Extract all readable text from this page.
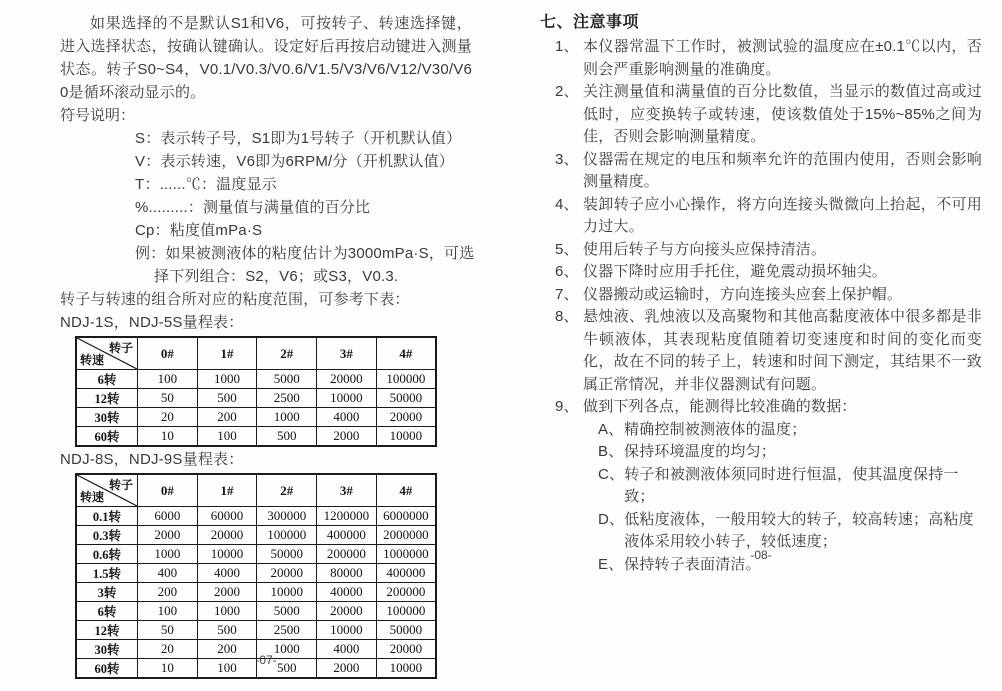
如果选择的不是默认S1和V6，可按转子、转速选择键，进入选择状态，按确认键确认。设定好后再按启动键进入测量状态。转子S0~S4，V0.1/V0.3/V0.6/V1.5/V3/V6/V12/V30/V60是循环滚动显示的。

符号说明：
S：表示转子号，S1即为1号转子（开机默认值）
V：表示转速，V6即为6RPM/分（开机默认值）
T：......℃：温度显示
%.........：测量值与满量值的百分比
Cp：粘度值mPa·S
例：如果被测液体的粘度估计为3000mPa·S，可选
择下列组合：S2，V6；或S3，V0.3.
转子与转速的组合所对应的粘度范围，可参考下表：
NDJ-1S，NDJ-5S量程表：
转子
转速	0#	1#	2#	3#	4#
6转	100	1000	5000	20000	100000
12转	50	500	2500	10000	50000
30转	20	200	1000	4000	20000
60转	10	100	500	2000	10000
NDJ-8S，NDJ-9S量程表：
转子
转速	0#	1#	2#	3#	4#
0.1转	6000	60000	300000	1200000	6000000
0.3转	2000	20000	100000	400000	2000000
0.6转	1000	10000	50000	200000	1000000
1.5转	400	4000	20000	80000	400000
3转	200	2000	10000	40000	200000
6转	100	1000	5000	20000	100000
12转	50	500	2500	10000	50000
30转	20	200	1000	4000	20000
60转	10	100	500	2000	10000
-07-
七、注意事项
1、 本仪器常温下工作时，被测试验的温度应在±0.1℃以内，否则会严重影响测量的准确度。
2、 关注测量值和满量值的百分比数值，当显示的数值过高或过低时，应变换转子或转速，使该数值处于15%~85%之间为佳，否则会影响测量精度。
3、 仪器需在规定的电压和频率允许的范围内使用，否则会影响测量精度。
4、 装卸转子应小心操作，将方向连接头微微向上抬起，不可用力过大。
5、 使用后转子与方向接头应保持清洁。
6、 仪器下降时应用手托住，避免震动损坏轴尖。
7、 仪器搬动或运输时，方向连接头应套上保护帽。
8、 悬烛液、乳烛液以及高聚物和其他高黏度液体中很多都是非牛顿液体，其表现粘度值随着切变速度和时间的变化而变化，故在不同的转子上，转速和时间下测定，其结果不一致属正常情况，并非仪器测试有问题。
9、 做到下列各点，能测得比较准确的数据：
A、 精确控制被测液体的温度；
B、 保持环境温度的均匀；
C、 转子和被测液体须同时进行恒温，使其温度保持一致；
D、 低粘度液体，一般用较大的转子，较高转速；高粘度液体采用较小转子，较低速度；
E、 保持转子表面清洁。
-08-
